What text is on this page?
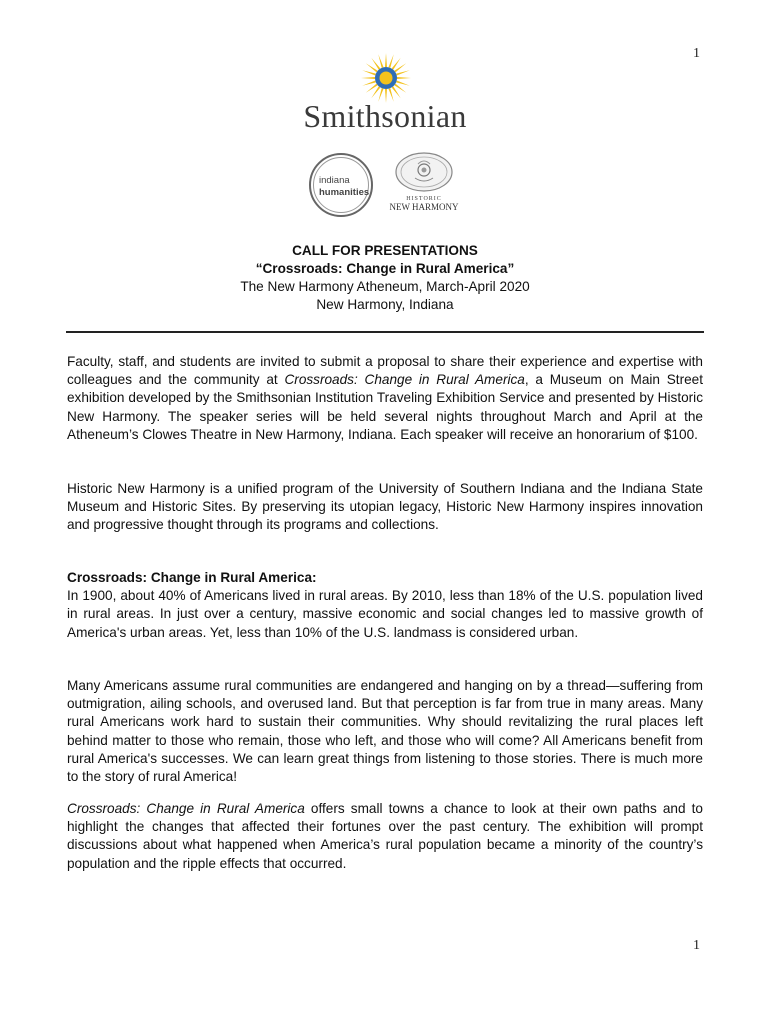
1
Smithsonian
indiana
humanities
HISTORIC
NEW HARMONY
CALL FOR PRESENTATIONS
“Crossroads: Change in Rural America”
The New Harmony Atheneum, March-April 2020
New Harmony, Indiana
Faculty, staff, and students are invited to submit a proposal to share their experience and expertise with colleagues and the community at Crossroads: Change in Rural America, a Museum on Main Street exhibition developed by the Smithsonian Institution Traveling Exhibition Service and presented by Historic New Harmony. The speaker series will be held several nights throughout March and April at the Atheneum’s Clowes Theatre in New Harmony, Indiana. Each speaker will receive an honorarium of $100.
Historic New Harmony is a unified program of the University of Southern Indiana and the Indiana State Museum and Historic Sites. By preserving its utopian legacy, Historic New Harmony inspires innovation and progressive thought through its programs and collections.
Crossroads: Change in Rural America:
In 1900, about 40% of Americans lived in rural areas. By 2010, less than 18% of the U.S. population lived in rural areas. In just over a century, massive economic and social changes led to massive growth of America's urban areas. Yet, less than 10% of the U.S. landmass is considered urban.
Many Americans assume rural communities are endangered and hanging on by a thread—suffering from outmigration, ailing schools, and overused land. But that perception is far from true in many areas. Many rural Americans work hard to sustain their communities. Why should revitalizing the rural places left behind matter to those who remain, those who left, and those who will come? All Americans benefit from rural America's successes. We can learn great things from listening to those stories. There is much more to the story of rural America!
Crossroads: Change in Rural America offers small towns a chance to look at their own paths and to highlight the changes that affected their fortunes over the past century. The exhibition will prompt discussions about what happened when America’s rural population became a minority of the country’s population and the ripple effects that occurred.
1
